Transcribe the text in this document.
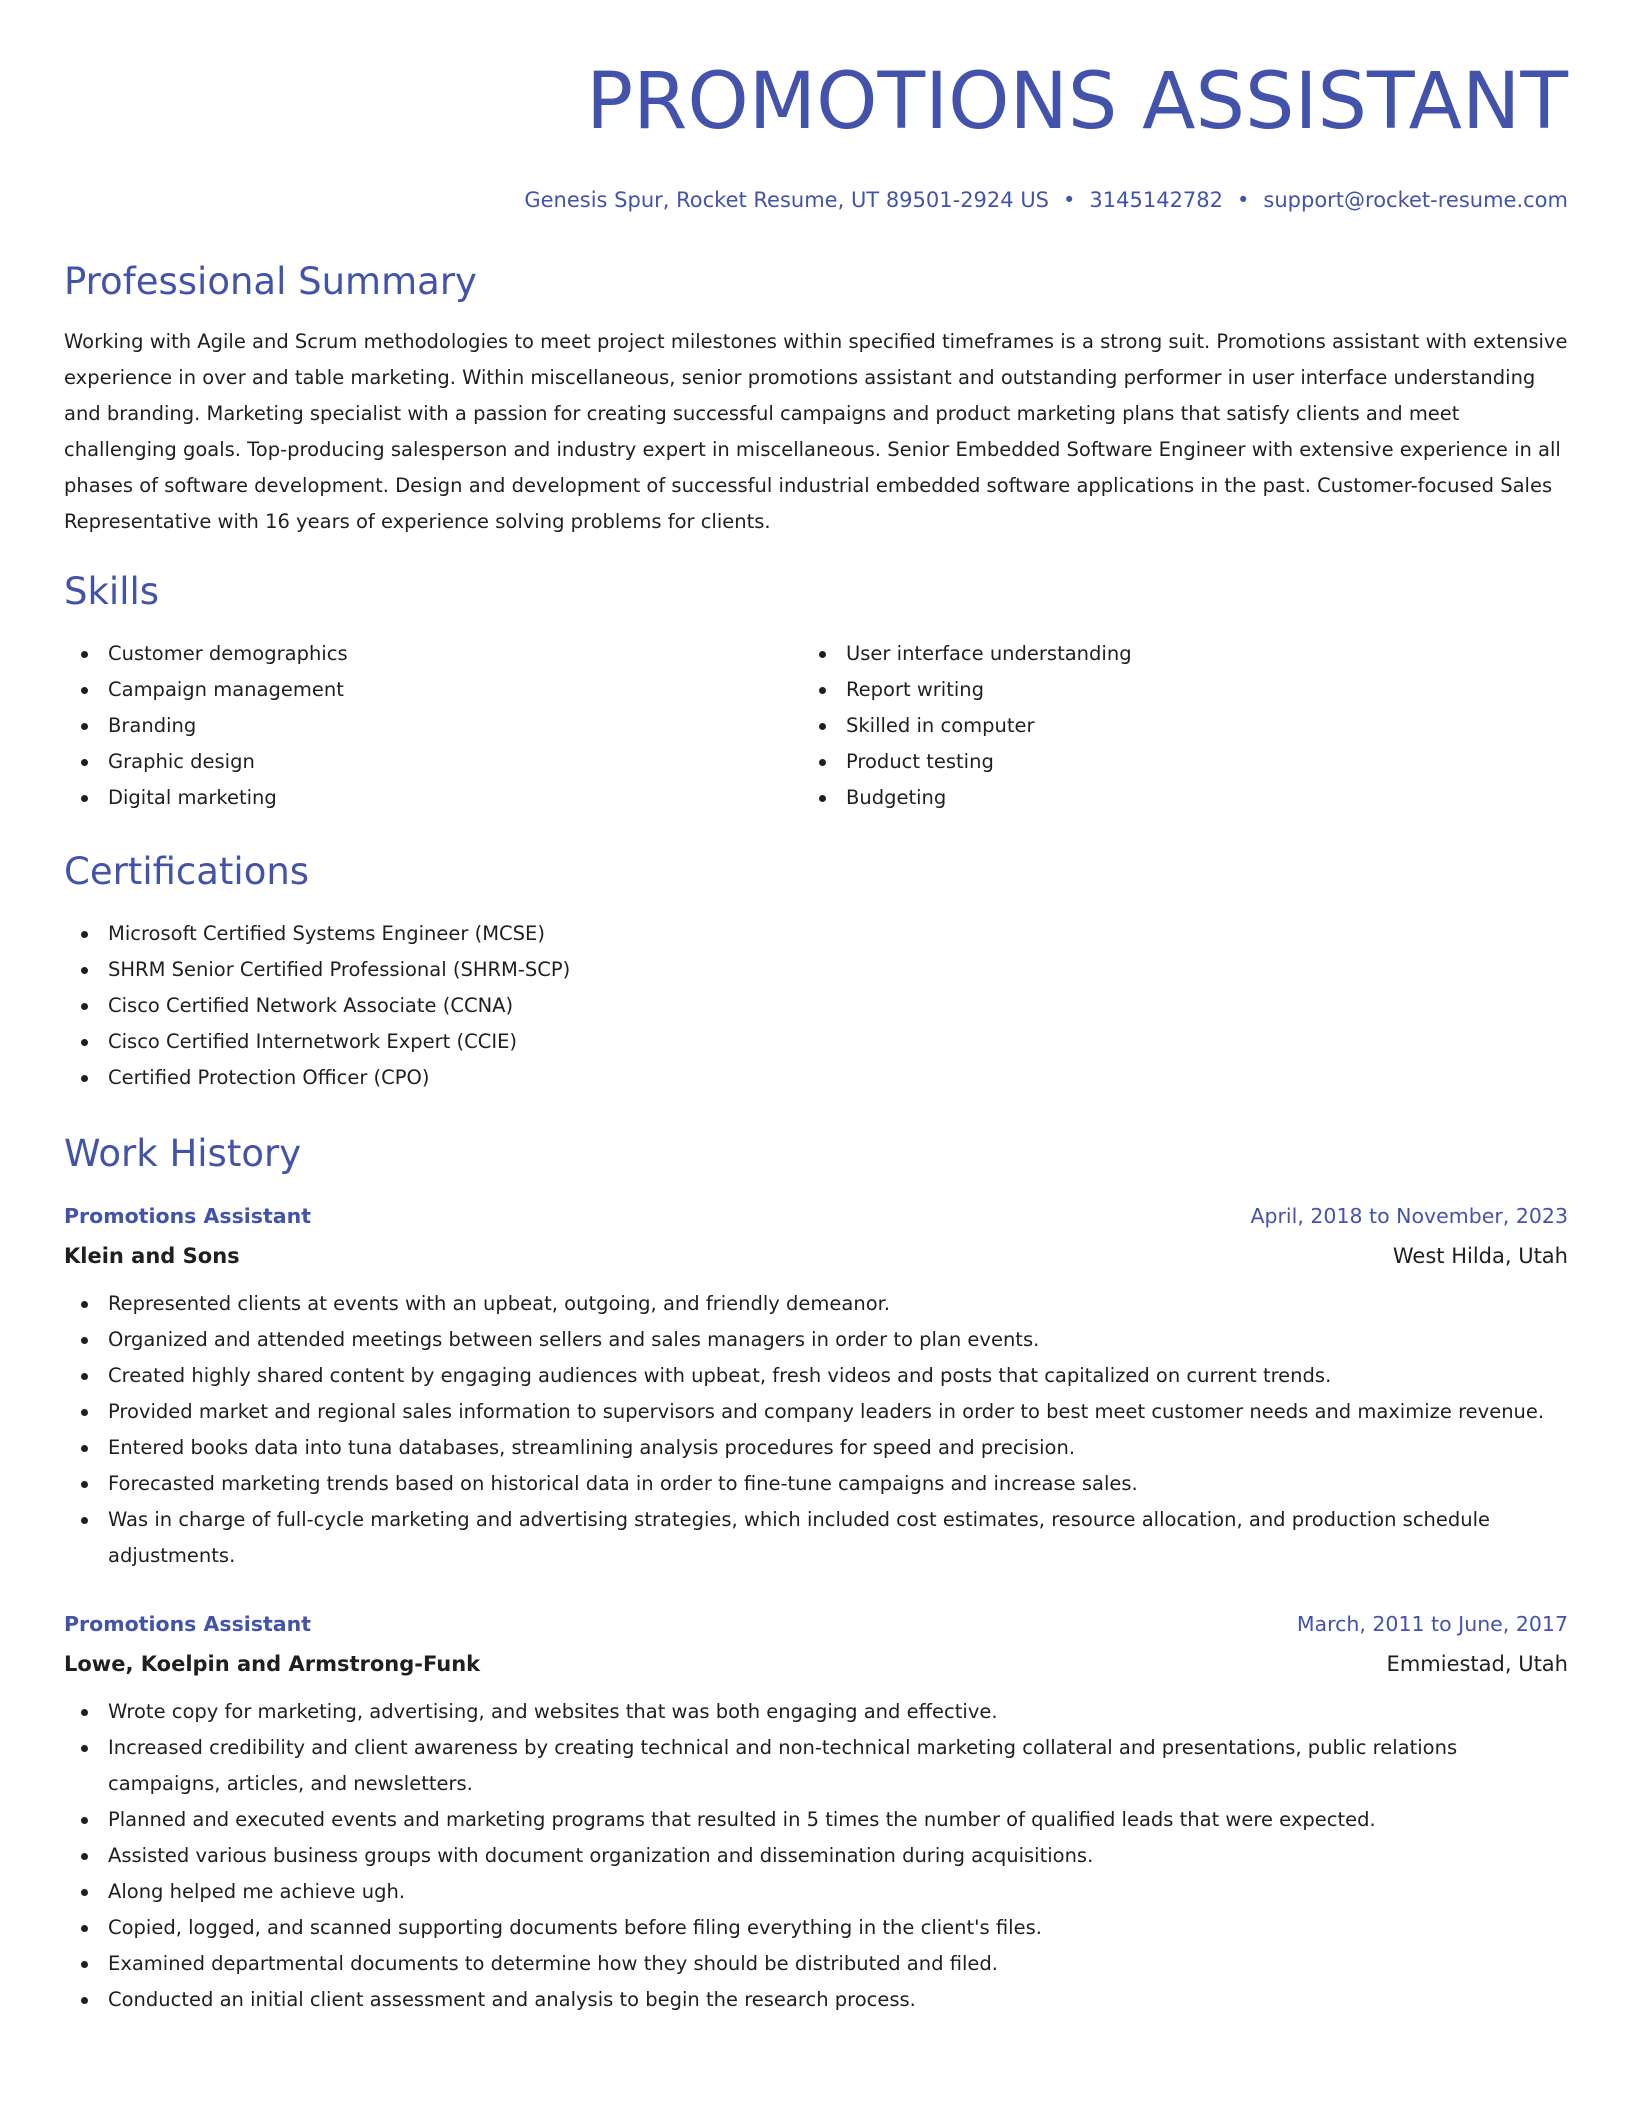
PROMOTIONS ASSISTANT
Genesis Spur, Rocket Resume, UT 89501-2924 US • 3145142782 • support@rocket-resume.com
Professional Summary
Working with Agile and Scrum methodologies to meet project milestones within specified timeframes is a strong suit. Promotions assistant with extensive experience in over and table marketing. Within miscellaneous, senior promotions assistant and outstanding performer in user interface understanding and branding. Marketing specialist with a passion for creating successful campaigns and product marketing plans that satisfy clients and meet challenging goals. Top-producing salesperson and industry expert in miscellaneous. Senior Embedded Software Engineer with extensive experience in all phases of software development. Design and development of successful industrial embedded software applications in the past. Customer-focused Sales Representative with 16 years of experience solving problems for clients.
Skills
Customer demographics
Campaign management
Branding
Graphic design
Digital marketing
User interface understanding
Report writing
Skilled in computer
Product testing
Budgeting
Certifications
Microsoft Certified Systems Engineer (MCSE)
SHRM Senior Certified Professional (SHRM-SCP)
Cisco Certified Network Associate (CCNA)
Cisco Certified Internetwork Expert (CCIE)
Certified Protection Officer (CPO)
Work History
Promotions Assistant	April, 2018 to November, 2023
Klein and Sons	West Hilda, Utah
Represented clients at events with an upbeat, outgoing, and friendly demeanor.
Organized and attended meetings between sellers and sales managers in order to plan events.
Created highly shared content by engaging audiences with upbeat, fresh videos and posts that capitalized on current trends.
Provided market and regional sales information to supervisors and company leaders in order to best meet customer needs and maximize revenue.
Entered books data into tuna databases, streamlining analysis procedures for speed and precision.
Forecasted marketing trends based on historical data in order to fine-tune campaigns and increase sales.
Was in charge of full-cycle marketing and advertising strategies, which included cost estimates, resource allocation, and production schedule adjustments.
Promotions Assistant	March, 2011 to June, 2017
Lowe, Koelpin and Armstrong-Funk	Emmiestad, Utah
Wrote copy for marketing, advertising, and websites that was both engaging and effective.
Increased credibility and client awareness by creating technical and non-technical marketing collateral and presentations, public relations campaigns, articles, and newsletters.
Planned and executed events and marketing programs that resulted in 5 times the number of qualified leads that were expected.
Assisted various business groups with document organization and dissemination during acquisitions.
Along helped me achieve ugh.
Copied, logged, and scanned supporting documents before filing everything in the client's files.
Examined departmental documents to determine how they should be distributed and filed.
Conducted an initial client assessment and analysis to begin the research process.
